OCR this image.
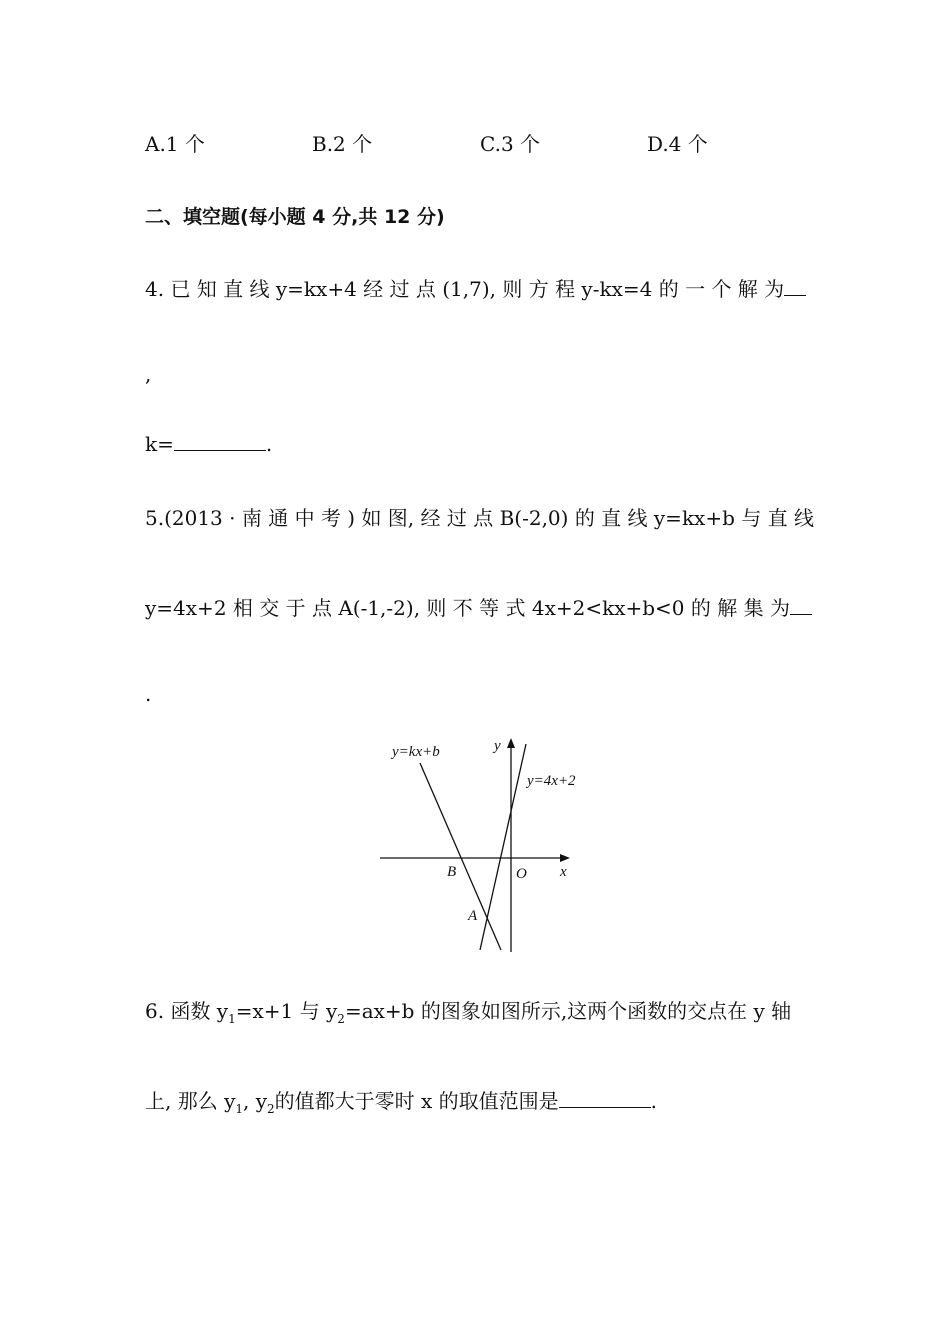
A.1 个	B.2 个	C.3 个	D.4 个
二、填空题(每小题 4 分,共 12 分)
4. 已 知 直 线 y=kx+4 经 过 点 (1,7), 则 方 程 y-kx=4 的 一 个 解 为
,
k=	.
5.(2013 · 南 通 中 考 ) 如 图, 经 过 点 B(-2,0) 的 直 线 y=kx+b 与 直 线
y=4x+2 相 交 于 点 A(-1,-2), 则 不 等 式 4x+2<kx+b<0 的 解 集 为
.
y=kx+b	y
y=4x+2
B	O x
A
6. 函数 $y_1=x+1$ 与 $y_2=ax+b$ 的图象如图所示,这两个函数的交点在 y 轴
上, 那么 $y_1$, $y_2$的值都大于零时 x 的取值范围是	.
